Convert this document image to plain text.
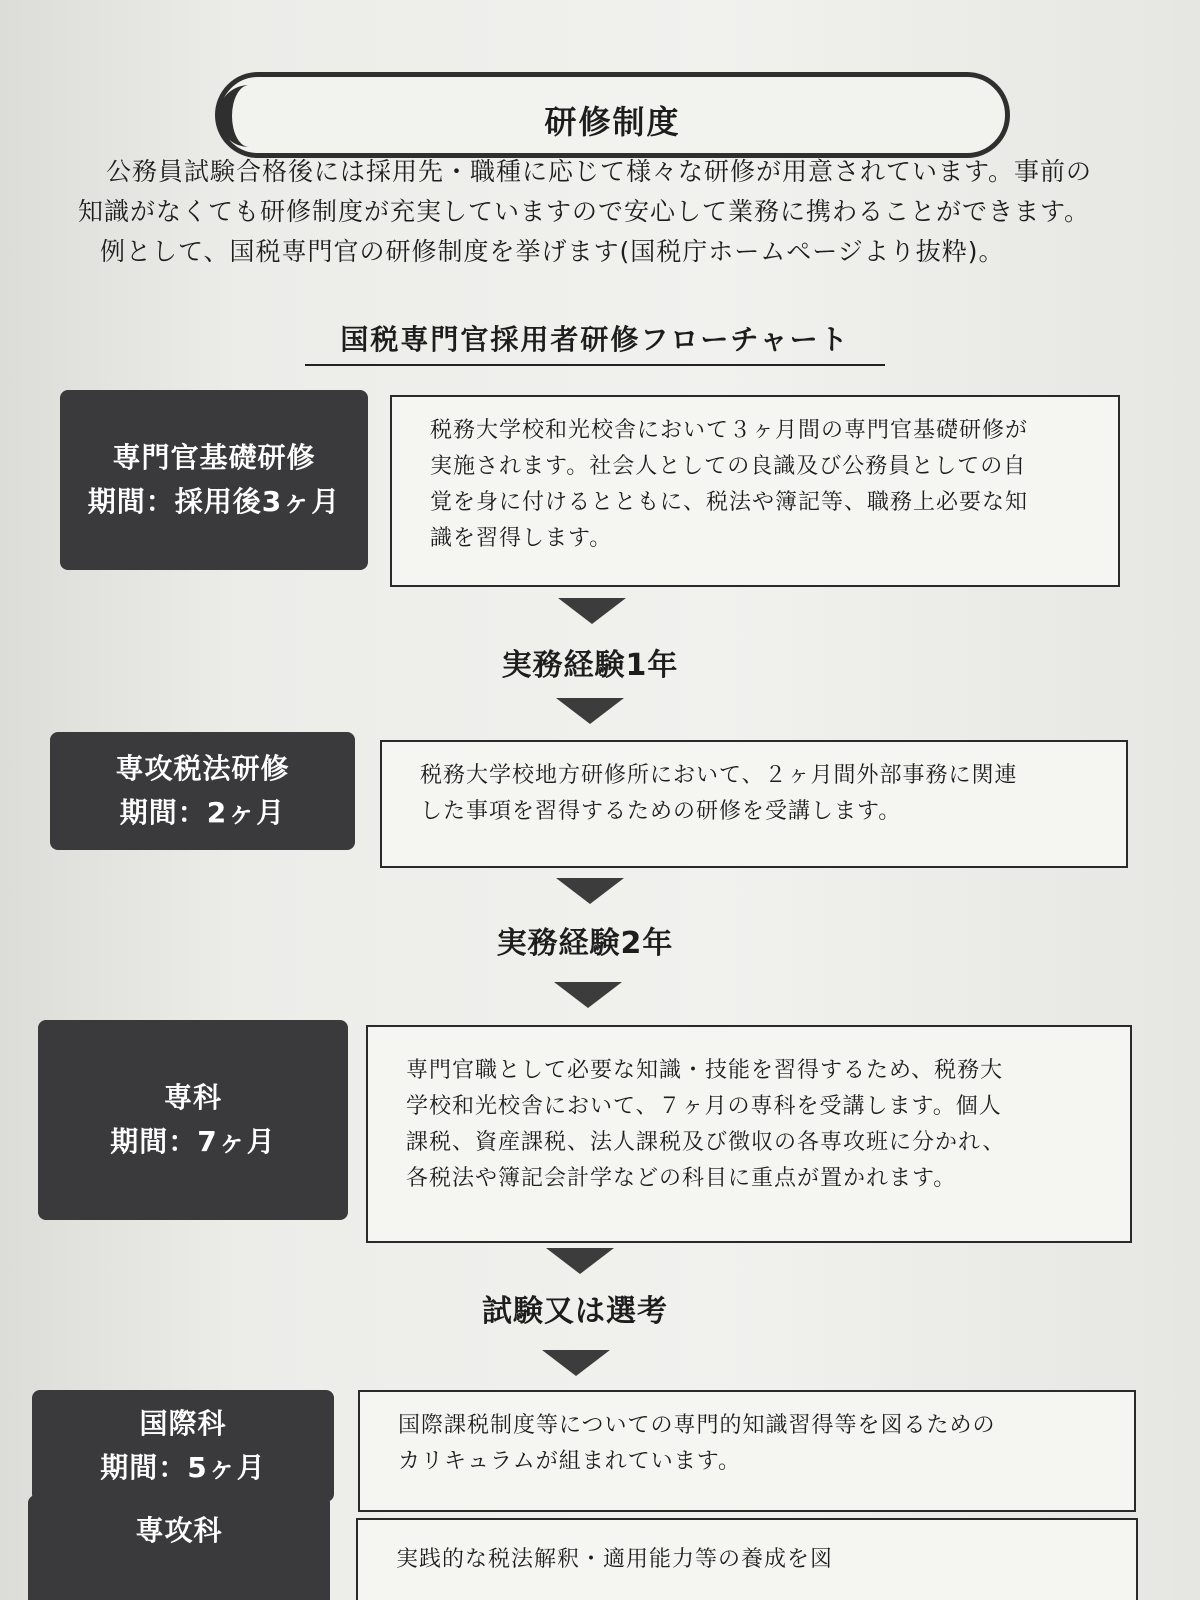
研修制度

公務員試験合格後には採用先・職種に応じて様々な研修が用意されています。事前の

知識がなくても研修制度が充実していますので安心して業務に携わることができます。

例として、国税専門官の研修制度を挙げます(国税庁ホームページより抜粋)。

国税専門官採用者研修フローチャート
専門官基礎研修
期間：採用後3ヶ月
税務大学校和光校舎において３ヶ月間の専門官基礎研修が
実施されます。社会人としての良識及び公務員としての自
覚を身に付けるとともに、税法や簿記等、職務上必要な知
識を習得します。
実務経験1年
専攻税法研修
期間：2ヶ月
税務大学校地方研修所において、２ヶ月間外部事務に関連
した事項を習得するための研修を受講します。
実務経験2年
専科
期間：7ヶ月
専門官職として必要な知識・技能を習得するため、税務大
学校和光校舎において、７ヶ月の専科を受講します。個人
課税、資産課税、法人課税及び徴収の各専攻班に分かれ、
各税法や簿記会計学などの科目に重点が置かれます。
試験又は選考
国際科
期間：5ヶ月
国際課税制度等についての専門的知識習得等を図るための
カリキュラムが組まれています。
専攻科
実践的な税法解釈・適用能力等の養成を図
